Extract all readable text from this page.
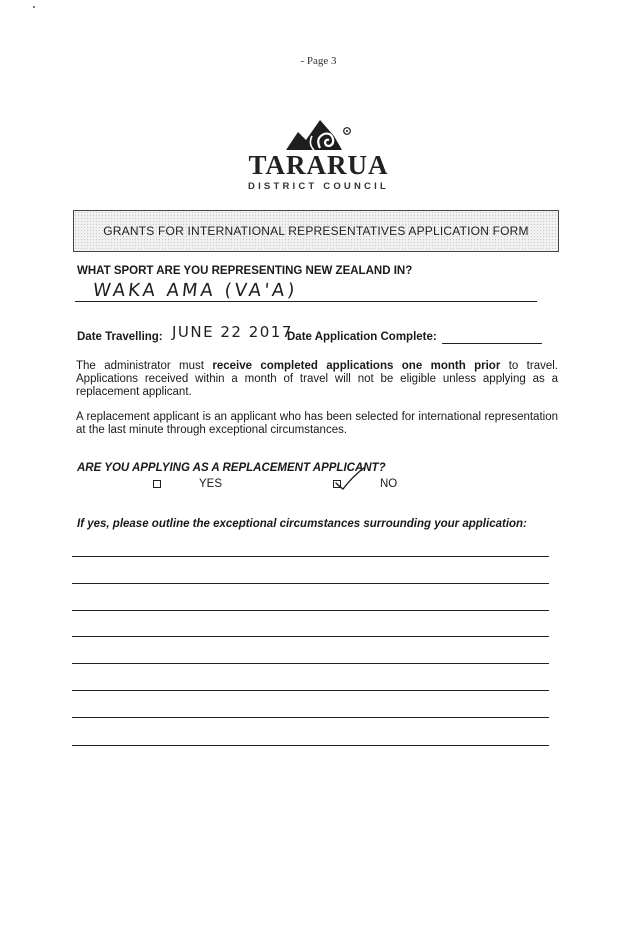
- Page 3
TARARUA
DISTRICT COUNCIL
GRANTS FOR INTERNATIONAL REPRESENTATIVES APPLICATION FORM
WHAT SPORT ARE YOU REPRESENTING NEW ZEALAND IN?
WAKA AMA (VA'A)
Date Travelling: JUNE 22 2017
Date Application Complete:
The administrator must receive completed applications one month prior to travel. Applications received within a month of travel will not be eligible unless applying as a replacement applicant.
A replacement applicant is an applicant who has been selected for international representation at the last minute through exceptional circumstances.
ARE YOU APPLYING AS A REPLACEMENT APPLICANT?
YES	NO
If yes, please outline the exceptional circumstances surrounding your application:
